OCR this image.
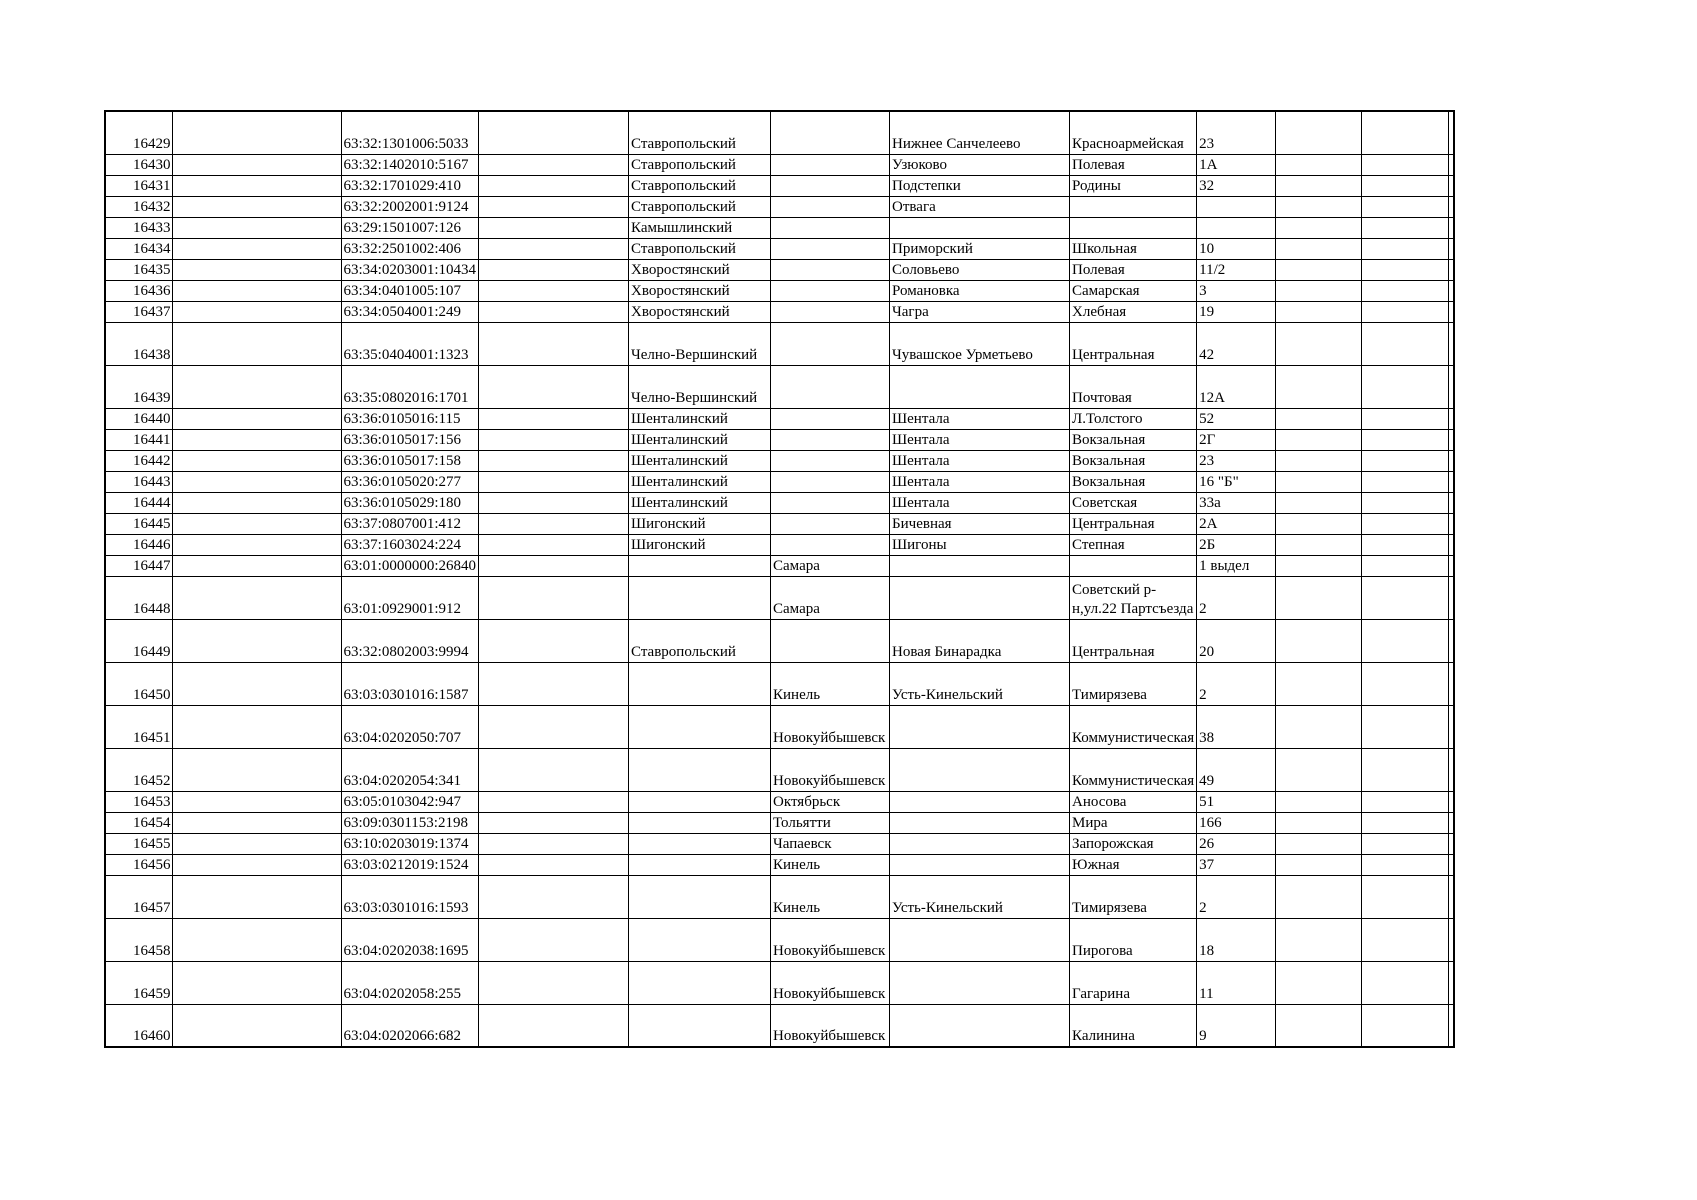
16429		63:32:1301006:5033		Ставропольский		Нижнее Санчелеево	Красноармейская	23			
16430		63:32:1402010:5167		Ставропольский		Узюково	Полевая	1А			
16431		63:32:1701029:410		Ставропольский		Подстепки	Родины	32			
16432		63:32:2002001:9124		Ставропольский		Отвага					
16433		63:29:1501007:126		Камышлинский							
16434		63:32:2501002:406		Ставропольский		Приморский	Школьная	10			
16435		63:34:0203001:10434		Хворостянский		Соловьево	Полевая	11/2			
16436		63:34:0401005:107		Хворостянский		Романовка	Самарская	3			
16437		63:34:0504001:249		Хворостянский		Чагра	Хлебная	19			
16438		63:35:0404001:1323		Челно-Вершинский		Чувашское Урметьево	Центральная	42			
16439		63:35:0802016:1701		Челно-Вершинский			Почтовая	12А			
16440		63:36:0105016:115		Шенталинский		Шентала	Л.Толстого	52			
16441		63:36:0105017:156		Шенталинский		Шентала	Вокзальная	2Г			
16442		63:36:0105017:158		Шенталинский		Шентала	Вокзальная	23			
16443		63:36:0105020:277		Шенталинский		Шентала	Вокзальная	16 "Б"			
16444		63:36:0105029:180		Шенталинский		Шентала	Советская	33а			
16445		63:37:0807001:412		Шигонский		Бичевная	Центральная	2А			
16446		63:37:1603024:224		Шигонский		Шигоны	Степная	2Б			
16447		63:01:0000000:26840			Самара			1 выдел			
16448		63:01:0929001:912			Самара		Советский р-н,ул.22 Партсъезда	2			
16449		63:32:0802003:9994		Ставропольский		Новая Бинарадка	Центральная	20			
16450		63:03:0301016:1587			Кинель	Усть-Кинельский	Тимирязева	2			
16451		63:04:0202050:707			Новокуйбышевск		Коммунистическая	38			
16452		63:04:0202054:341			Новокуйбышевск		Коммунистическая	49			
16453		63:05:0103042:947			Октябрьск		Аносова	51			
16454		63:09:0301153:2198			Тольятти		Мира	166			
16455		63:10:0203019:1374			Чапаевск		Запорожская	26			
16456		63:03:0212019:1524			Кинель		Южная	37			
16457		63:03:0301016:1593			Кинель	Усть-Кинельский	Тимирязева	2			
16458		63:04:0202038:1695			Новокуйбышевск		Пирогова	18			
16459		63:04:0202058:255			Новокуйбышевск		Гагарина	11			
16460		63:04:0202066:682			Новокуйбышевск		Калинина	9			
